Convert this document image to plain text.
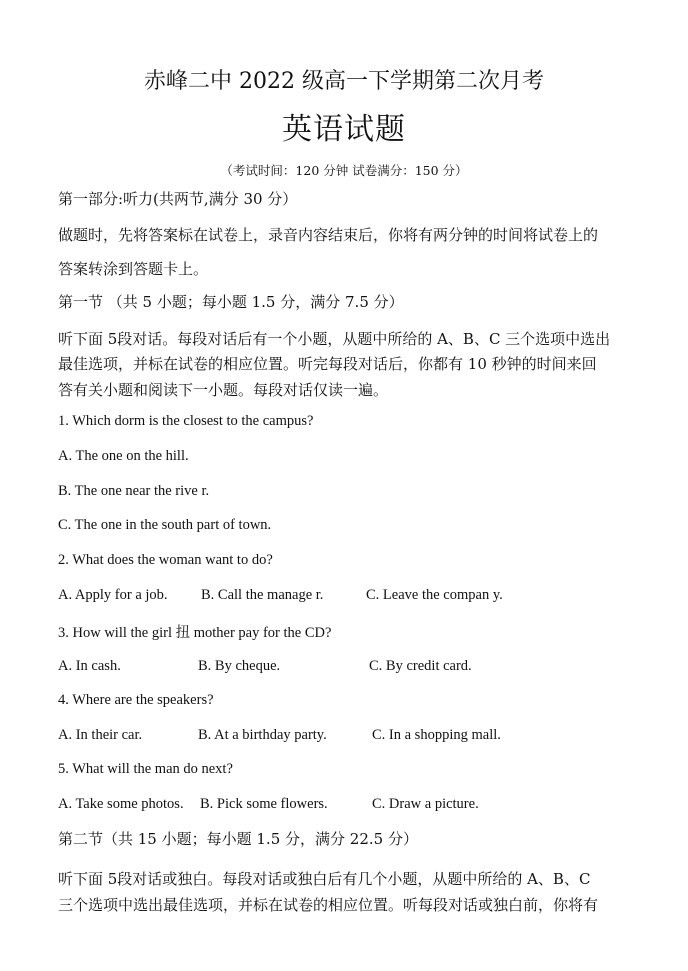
赤峰二中 2022 级高一下学期第二次月考
英语试题
（考试时间：120 分钟 试卷满分：150 分）
第一部分:听力(共两节,满分 30 分）
做题时，先将答案标在试卷上，录音内容结束后，你将有两分钟的时间将试卷上的
答案转涂到答题卡上。
第一节 （共 5 小题；每小题 1.5 分，满分 7.5 分）
听下面 5段对话。每段对话后有一个小题，从题中所给的 A、B、C 三个选项中选出
最佳选项，并标在试卷的相应位置。听完每段对话后，你都有 10 秒钟的时间来回
答有关小题和阅读下一小题。每段对话仅读一遍。
1. Which dorm is the closest to the campus?
A. The one on the hill.
B. The one near the rive r.
C. The one in the south part of town.
2. What does the woman want to do?
A. Apply for a job. B. Call the manage r.	C. Leave the compan y.
3. How will the girl 扭 mother pay for the CD?
A. In cash.	B. By cheque.	C. By credit card.
4. Where are the speakers?
A. In their car.	B. At a birthday party.	C. In a shopping mall.
5. What will the man do next?
A. Take some photos. B. Pick some flowers.	C. Draw a picture.
第二节（共 15 小题；每小题 1.5 分，满分 22.5 分）
听下面 5段对话或独白。每段对话或独白后有几个小题，从题中所给的 A、B、C
三个选项中选出最佳选项，并标在试卷的相应位置。听每段对话或独白前，你将有
